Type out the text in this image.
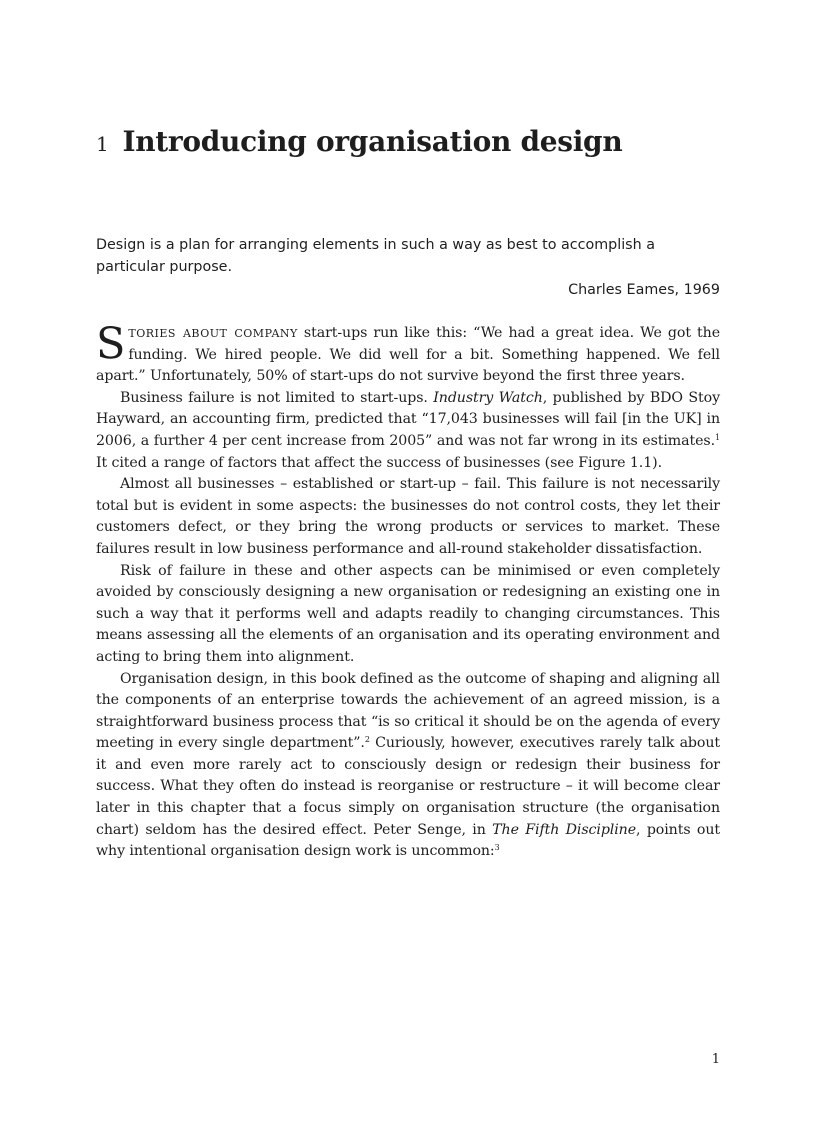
1 Introducing organisation design

Design is a plan for arranging elements in such a way as best to accomplish a particular purpose.

Charles Eames, 1969

Stories about company start-ups run like this: “We had a great idea. We got the funding. We hired people. We did well for a bit. Something happened. We fell apart.” Unfortunately, 50% of start-ups do not survive beyond the first three years.

Business failure is not limited to start-ups. Industry Watch, published by BDO Stoy Hayward, an accounting firm, predicted that “17,043 businesses will fail [in the UK] in 2006, a further 4 per cent increase from 2005” and was not far wrong in its estimates.$^1$ It cited a range of factors that affect the success of businesses (see Figure 1.1).

Almost all businesses – established or start-up – fail. This failure is not necessarily total but is evident in some aspects: the businesses do not control costs, they let their customers defect, or they bring the wrong products or services to market. These failures result in low business performance and all-round stakeholder dissatisfaction.

Risk of failure in these and other aspects can be minimised or even completely avoided by consciously designing a new organisation or redesigning an existing one in such a way that it performs well and adapts readily to changing circumstances. This means assessing all the elements of an organisation and its operating environment and acting to bring them into alignment.

Organisation design, in this book defined as the outcome of shaping and aligning all the components of an enterprise towards the achievement of an agreed mission, is a straightforward business process that “is so critical it should be on the agenda of every meeting in every single department”.$^2$ Curiously, however, executives rarely talk about it and even more rarely act to consciously design or redesign their business for success. What they often do instead is reorganise or restructure – it will become clear later in this chapter that a focus simply on organisation structure (the organisation chart) seldom has the desired effect. Peter Senge, in The Fifth Discipline, points out why intentional organisation design work is uncommon:$^3$

1
